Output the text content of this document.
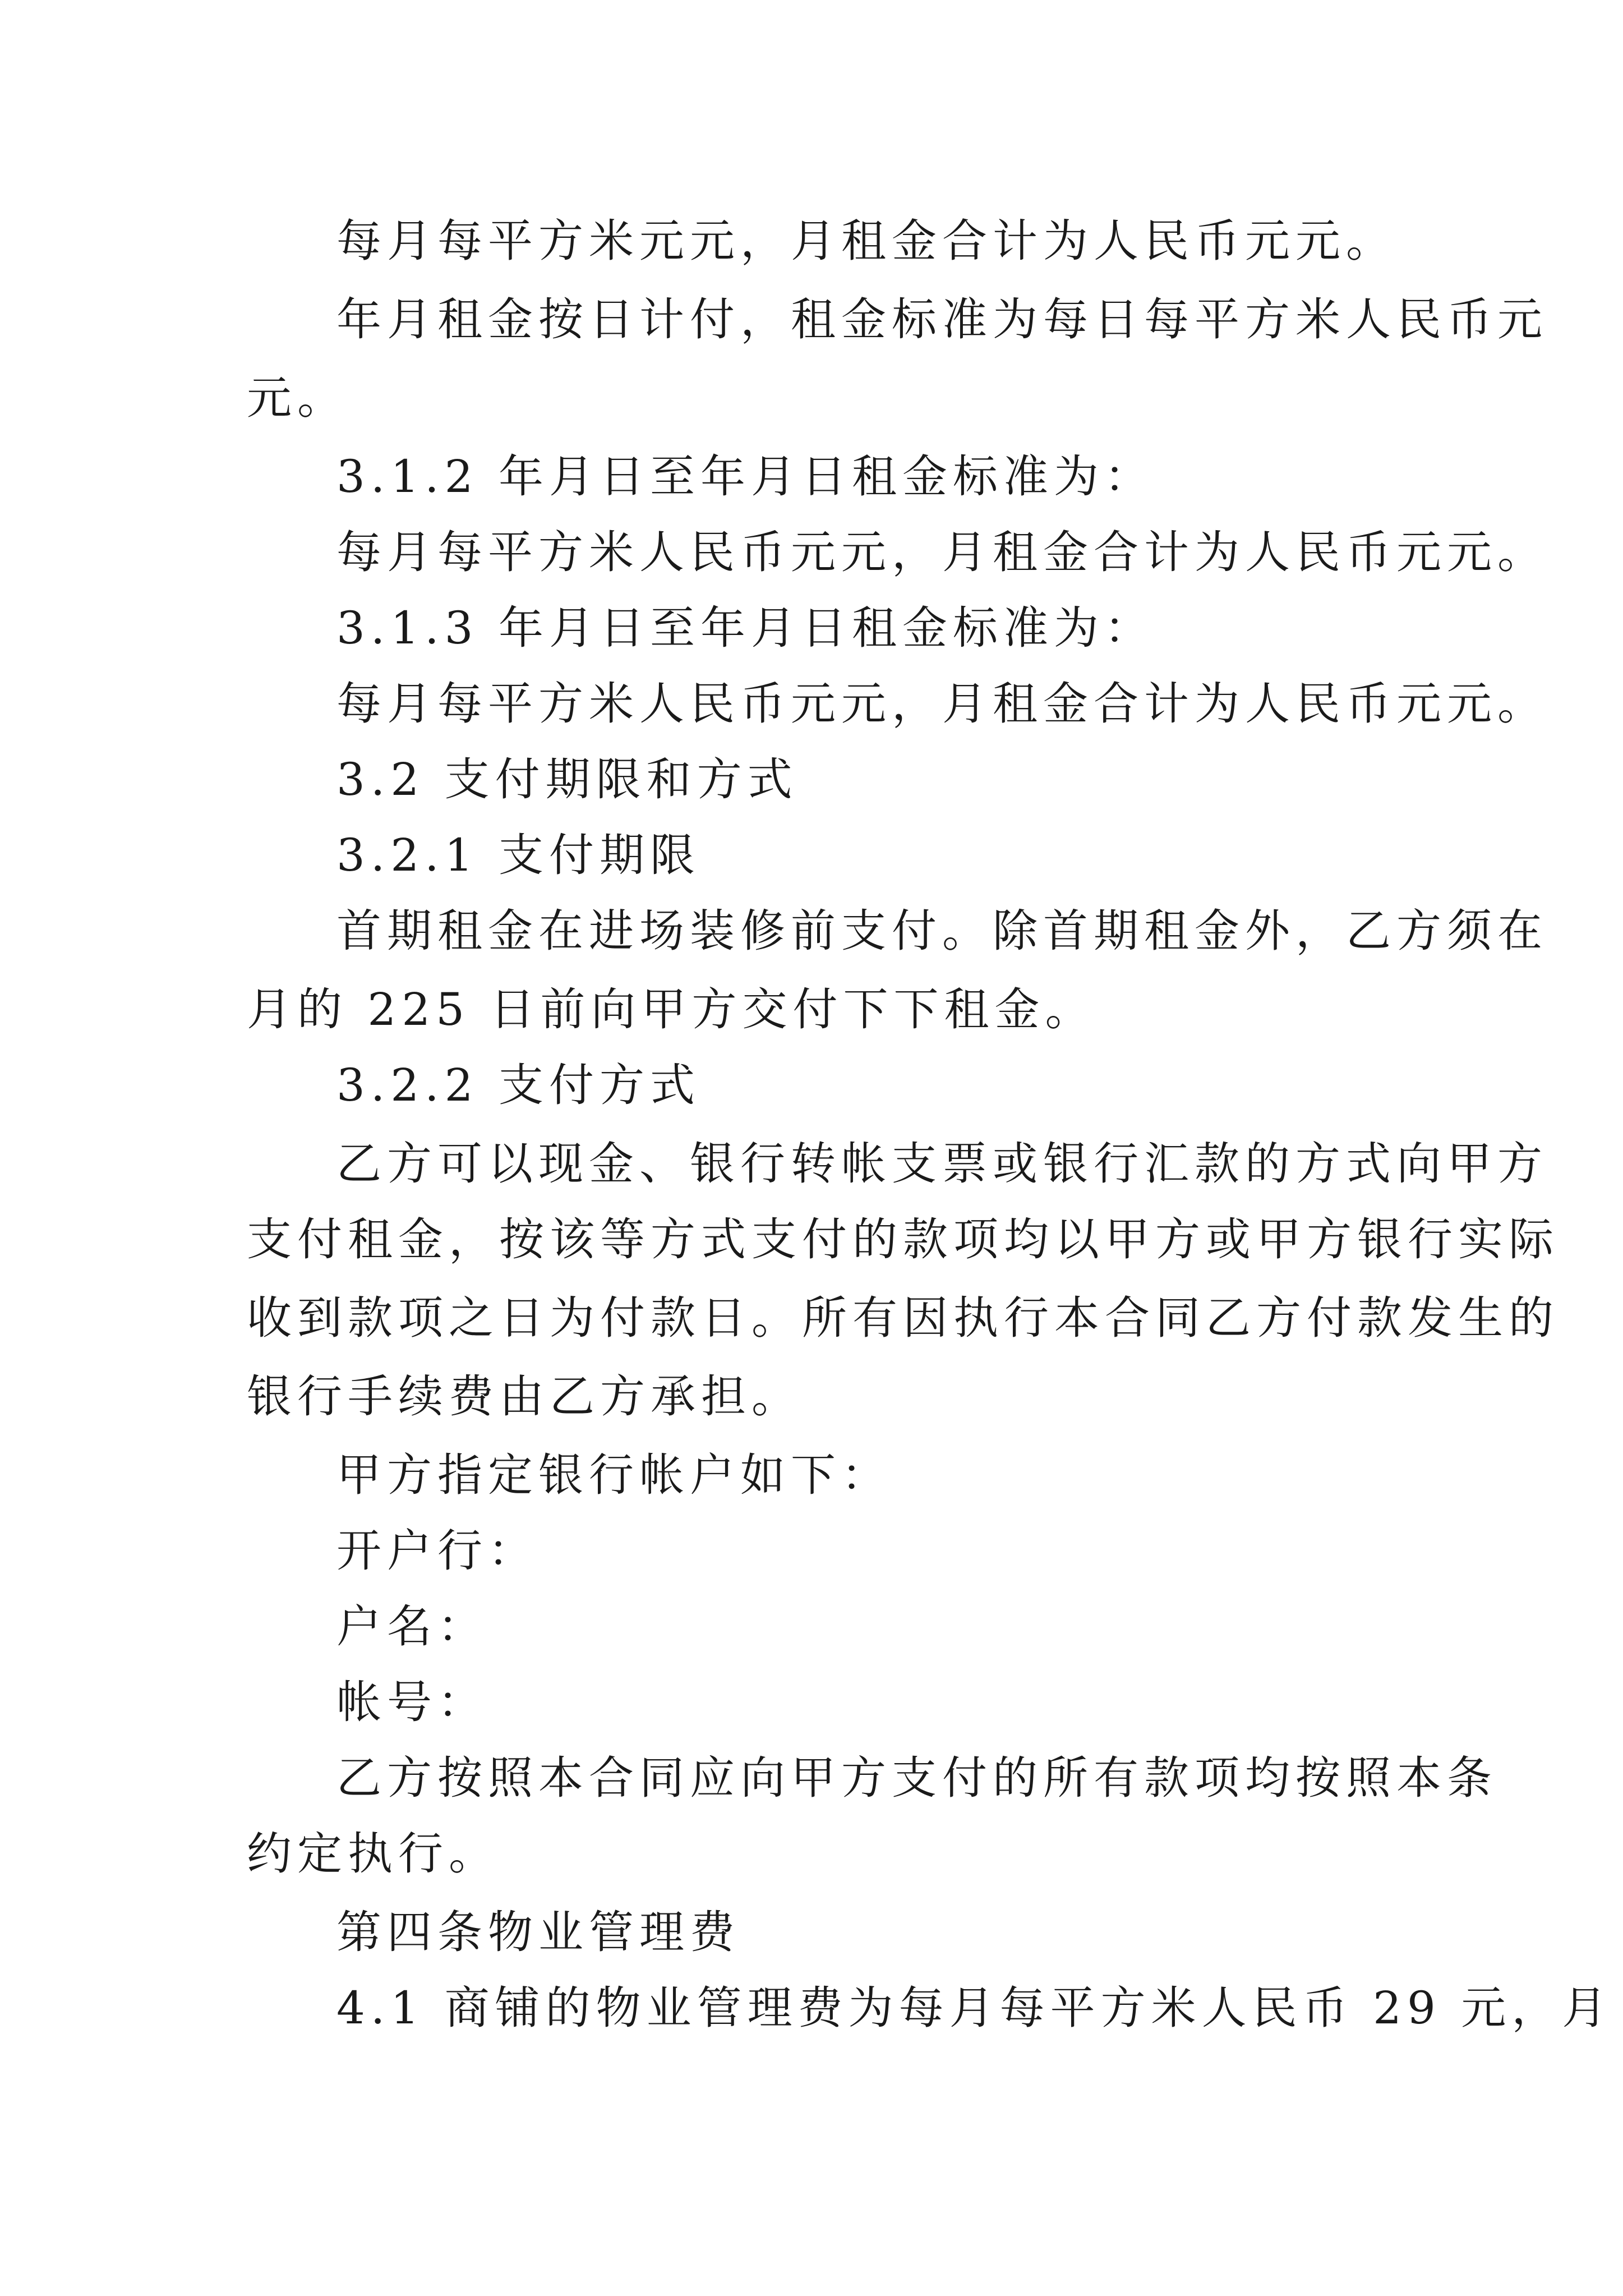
每月每平方米元元，月租金合计为人民币元元。
年月租金按日计付，租金标准为每日每平方米人民币元
元。
3.1.2 年月日至年月日租金标准为：
每月每平方米人民币元元，月租金合计为人民币元元。
3.1.3 年月日至年月日租金标准为：
每月每平方米人民币元元，月租金合计为人民币元元。
3.2 支付期限和方式
3.2.1 支付期限
首期租金在进场装修前支付。除首期租金外，乙方须在
月的 225 日前向甲方交付下下租金。
3.2.2 支付方式
乙方可以现金、银行转帐支票或银行汇款的方式向甲方
支付租金，按该等方式支付的款项均以甲方或甲方银行实际
收到款项之日为付款日。所有因执行本合同乙方付款发生的
银行手续费由乙方承担。
甲方指定银行帐户如下：
开户行：
户名：
帐号：
乙方按照本合同应向甲方支付的所有款项均按照本条
约定执行。
第四条物业管理费
4.1 商铺的物业管理费为每月每平方米人民币 29 元，月
